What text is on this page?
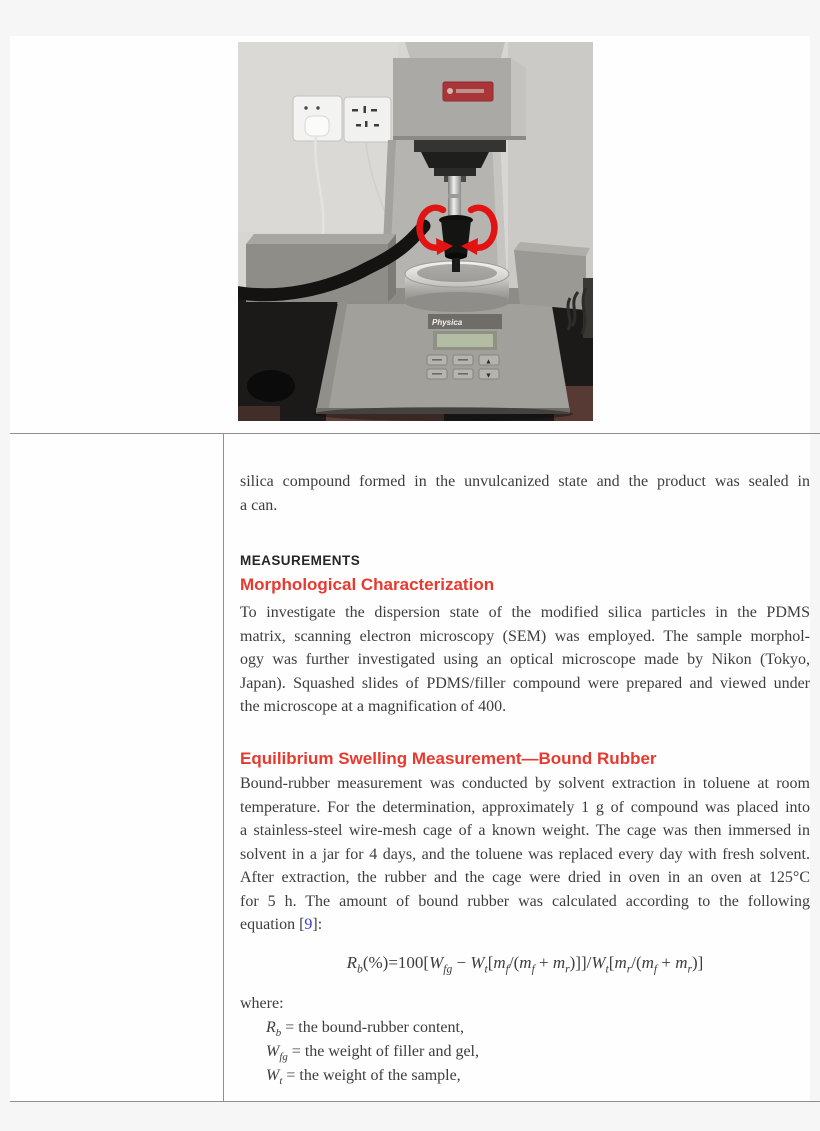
Physica
▲
▼
silica compound formed in the unvulcanized state and the product was sealed in
a can.
MEASUREMENTS
Morphological Characterization
To investigate the dispersion state of the modified silica particles in the PDMS
matrix, scanning electron microscopy (SEM) was employed. The sample morphol-
ogy was further investigated using an optical microscope made by Nikon (Tokyo,
Japan). Squashed slides of PDMS/filler compound were prepared and viewed under
the microscope at a magnification of 400.
Equilibrium Swelling Measurement—Bound Rubber
Bound-rubber measurement was conducted by solvent extraction in toluene at room
temperature. For the determination, approximately 1 g of compound was placed into
a stainless-steel wire-mesh cage of a known weight. The cage was then immersed in
solvent in a jar for 4 days, and the toluene was replaced every day with fresh solvent.
After extraction, the rubber and the cage were dried in oven in an oven at 125°C
for 5 h. The amount of bound rubber was calculated according to the following
equation [9]:
$R_b(\%)=100[W_{fg} - W_t[m_f/(m_f + m_r)]]/W_t[m_r/(m_f + m_r)]$
where:
$R_b$ = the bound-rubber content,
$W_{fg}$ = the weight of filler and gel,
$W_t$ = the weight of the sample,
